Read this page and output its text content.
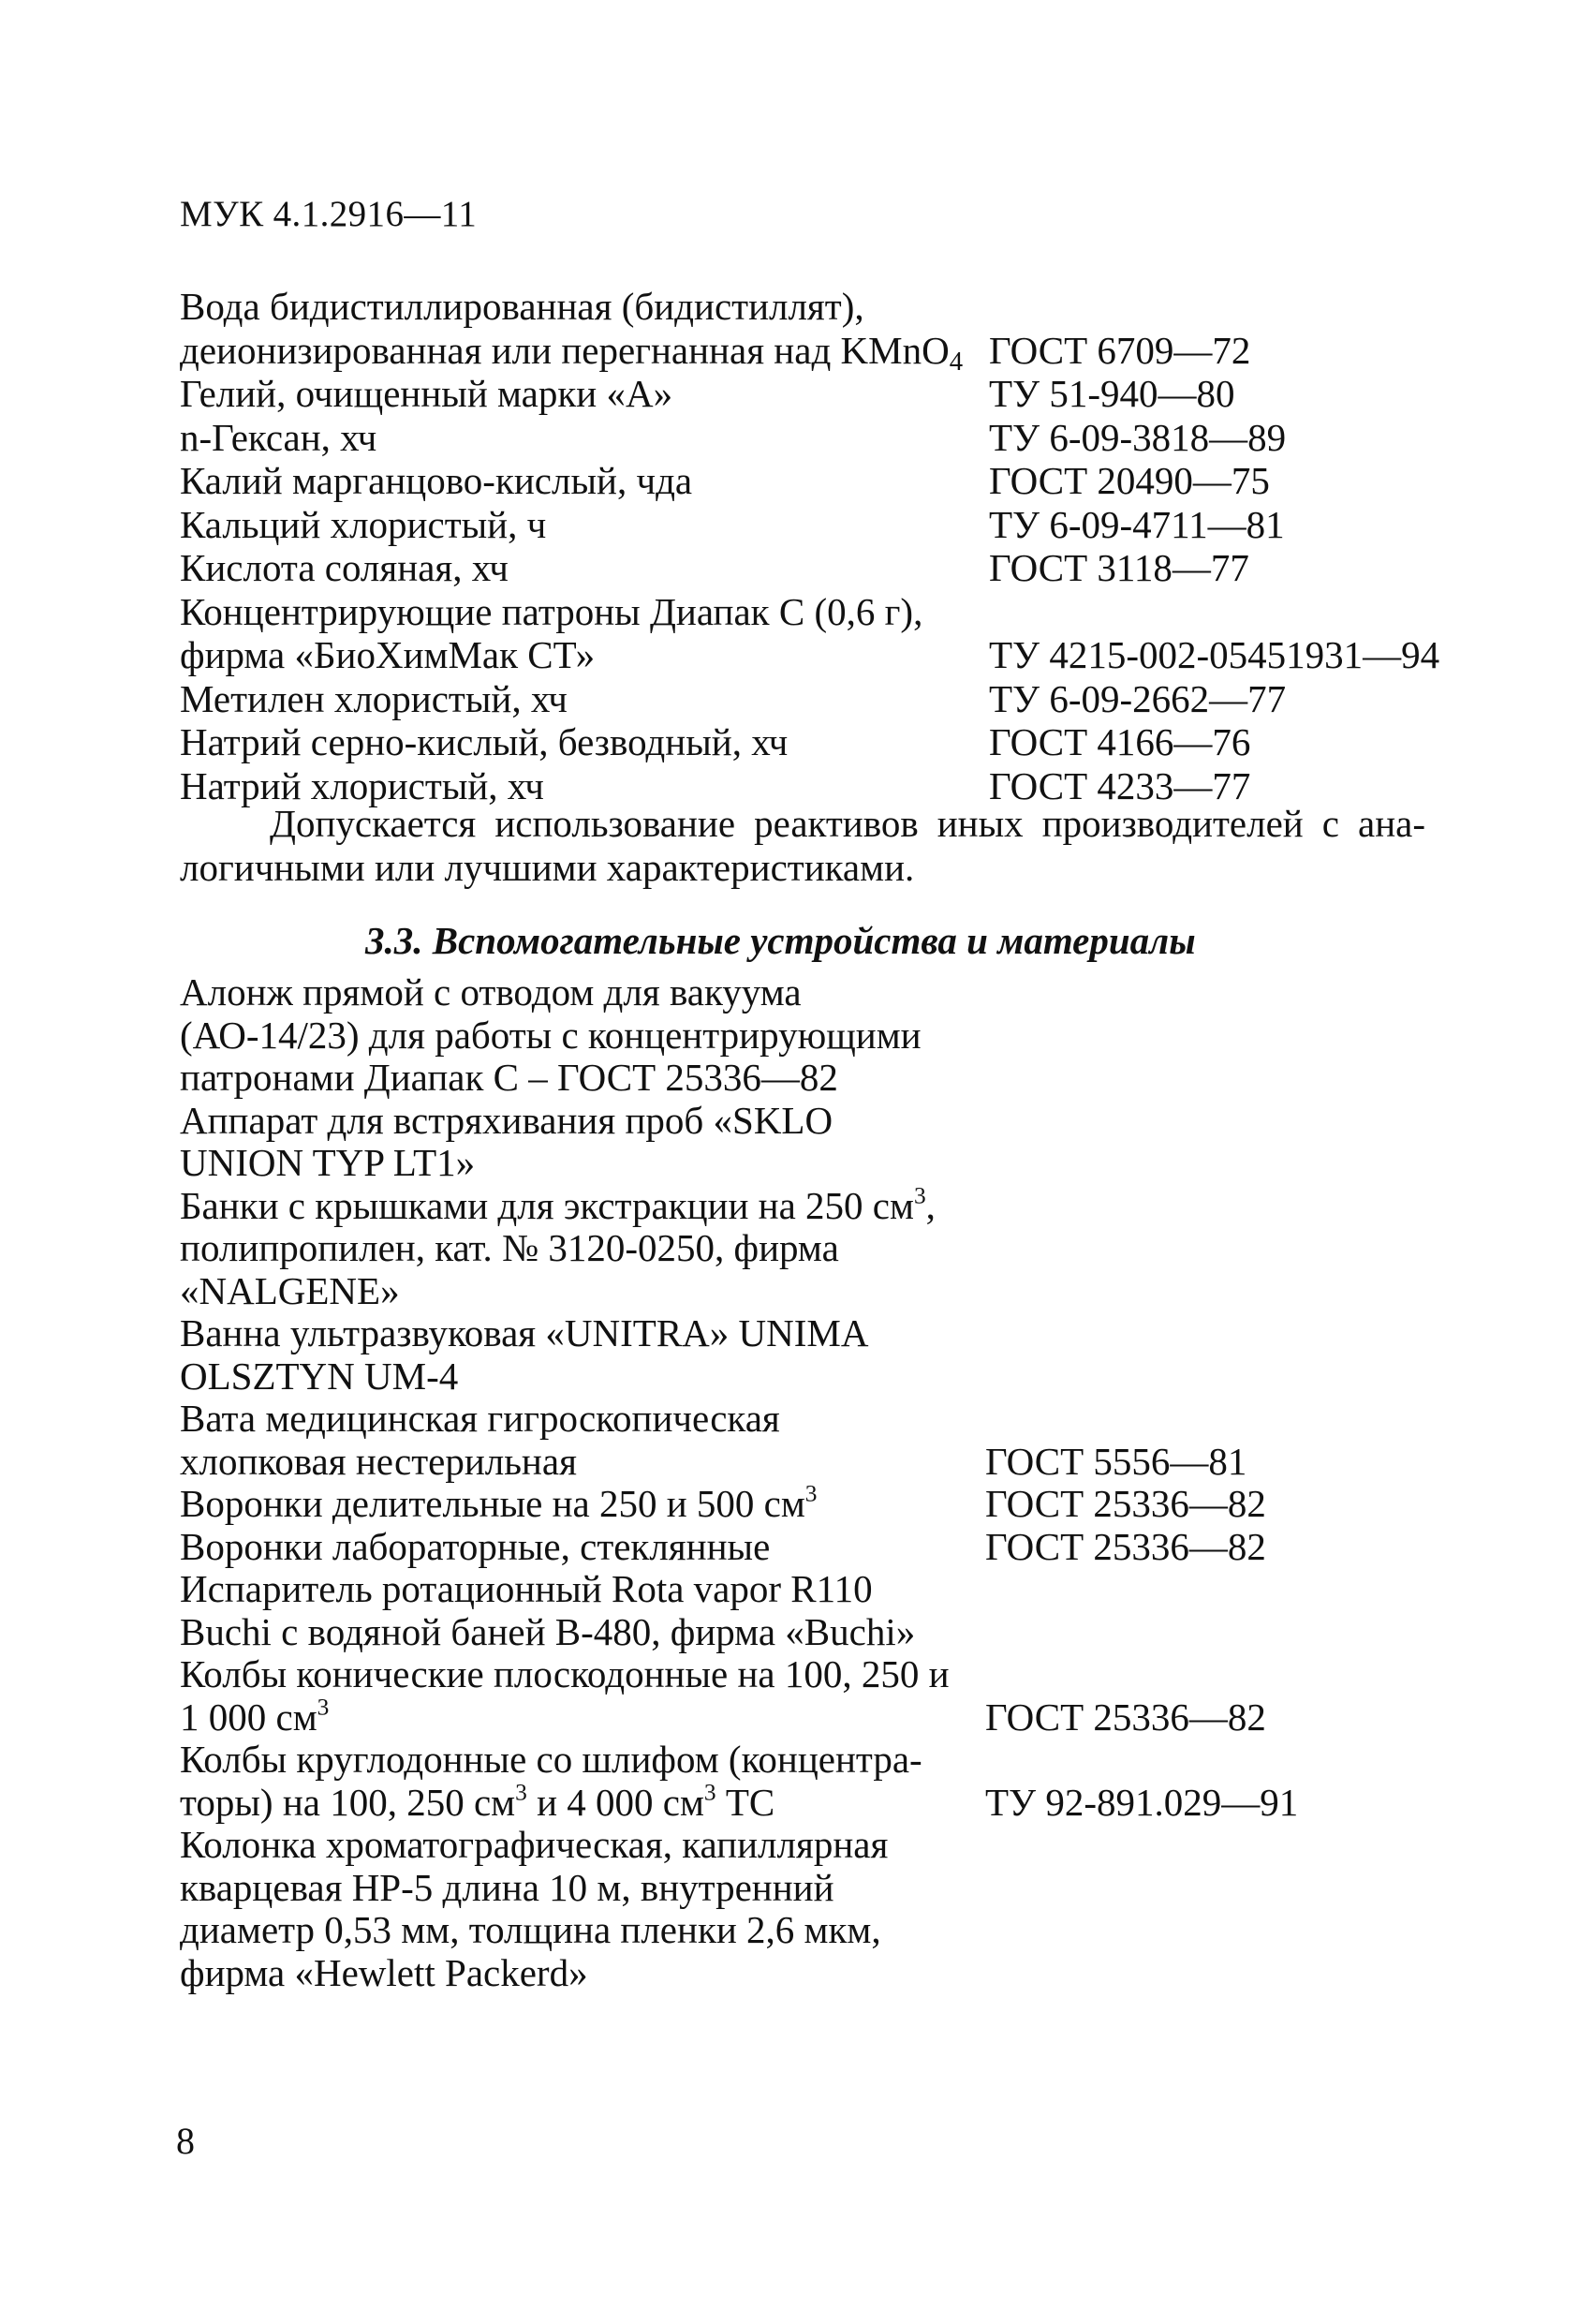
МУК 4.1.2916—11
Вода бидистиллированная (бидистиллят),
деионизированная или перегнанная над KMnO$_4$ ГОСТ 6709—72
Гелий, очищенный марки «А»	ТУ 51-940—80
n-Гексан, хч	ТУ 6-09-3818—89
Калий марганцово-кислый, чда	ГОСТ 20490—75
Кальций хлористый, ч	ТУ 6-09-4711—81
Кислота соляная, хч	ГОСТ 3118—77
Концентрирующие патроны Диапак С (0,6 г),
фирма «БиоХимМак СТ»	ТУ 4215-002-05451931—94
Метилен хлористый, хч	ТУ 6-09-2662—77
Натрий серно-кислый, безводный, хч	ГОСТ 4166—76
Натрий хлористый, хч	ГОСТ 4233—77
Допускается использование реактивов иных производителей с ана-
логичными или лучшими характеристиками.
3.3. Вспомогательные устройства и материалы
Алонж прямой с отводом для вакуума
(АО-14/23) для работы с концентрирующими
патронами Диапак С – ГОСТ 25336—82
Аппарат для встряхивания проб «SKLO
UNION TYP LT1»
Банки с крышками для экстракции на 250 $см^3$,
полипропилен, кат. № 3120-0250, фирма
«NALGENE»
Ванна ультразвуковая «UNITRA» UNIMA
OLSZTYN UM-4
Вата медицинская гигроскопическая
хлопковая нестерильная	ГОСТ 5556—81
Воронки делительные на 250 и 500 $см^3$	ГОСТ 25336—82
Воронки лабораторные, стеклянные	ГОСТ 25336—82
Испаритель ротационный Rota vapor R110
Buchi с водяной баней B-480, фирма «Buchi»
Колбы конические плоскодонные на 100, 250 и
1 000 $см^3$	ГОСТ 25336—82
Колбы круглодонные со шлифом (концентра-
торы) на 100, 250 $см^3$ и 4 000 $см^3$ ТС	ТУ 92-891.029—91
Колонка хроматографическая, капиллярная
кварцевая HP-5 длина 10 м, внутренний
диаметр 0,53 мм, толщина пленки 2,6 мкм,
фирма «Hewlett Packerd»
8
